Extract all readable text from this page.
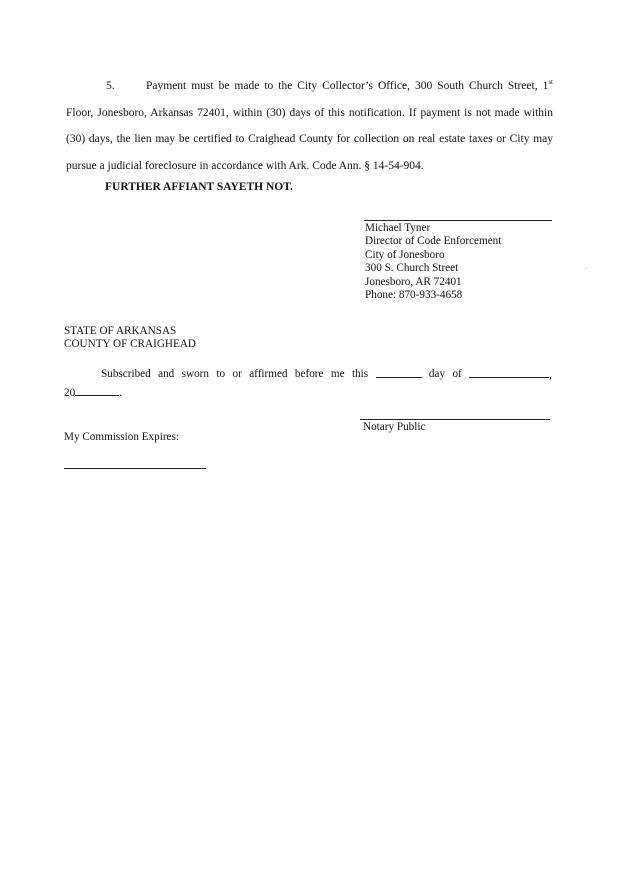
5.	Payment must be made to the City Collector’s Office, 300 South Church Street, 1st Floor, Jonesboro, Arkansas 72401, within (30) days of this notification. If payment is not made within (30) days, the lien may be certified to Craighead County for collection on real estate taxes or City may pursue a judicial foreclosure in accordance with Ark. Code Ann. § 14-54-904.
FURTHER AFFIANT SAYETH NOT.
Michael Tyner
Director of Code Enforcement
City of Jonesboro
300 S. Church Street
Jonesboro, AR 72401
Phone: 870-933-4658
STATE OF ARKANSAS
COUNTY OF CRAIGHEAD
Subscribed and sworn to or affirmed before me this	day of	,
20	.
Notary Public
My Commission Expires:
